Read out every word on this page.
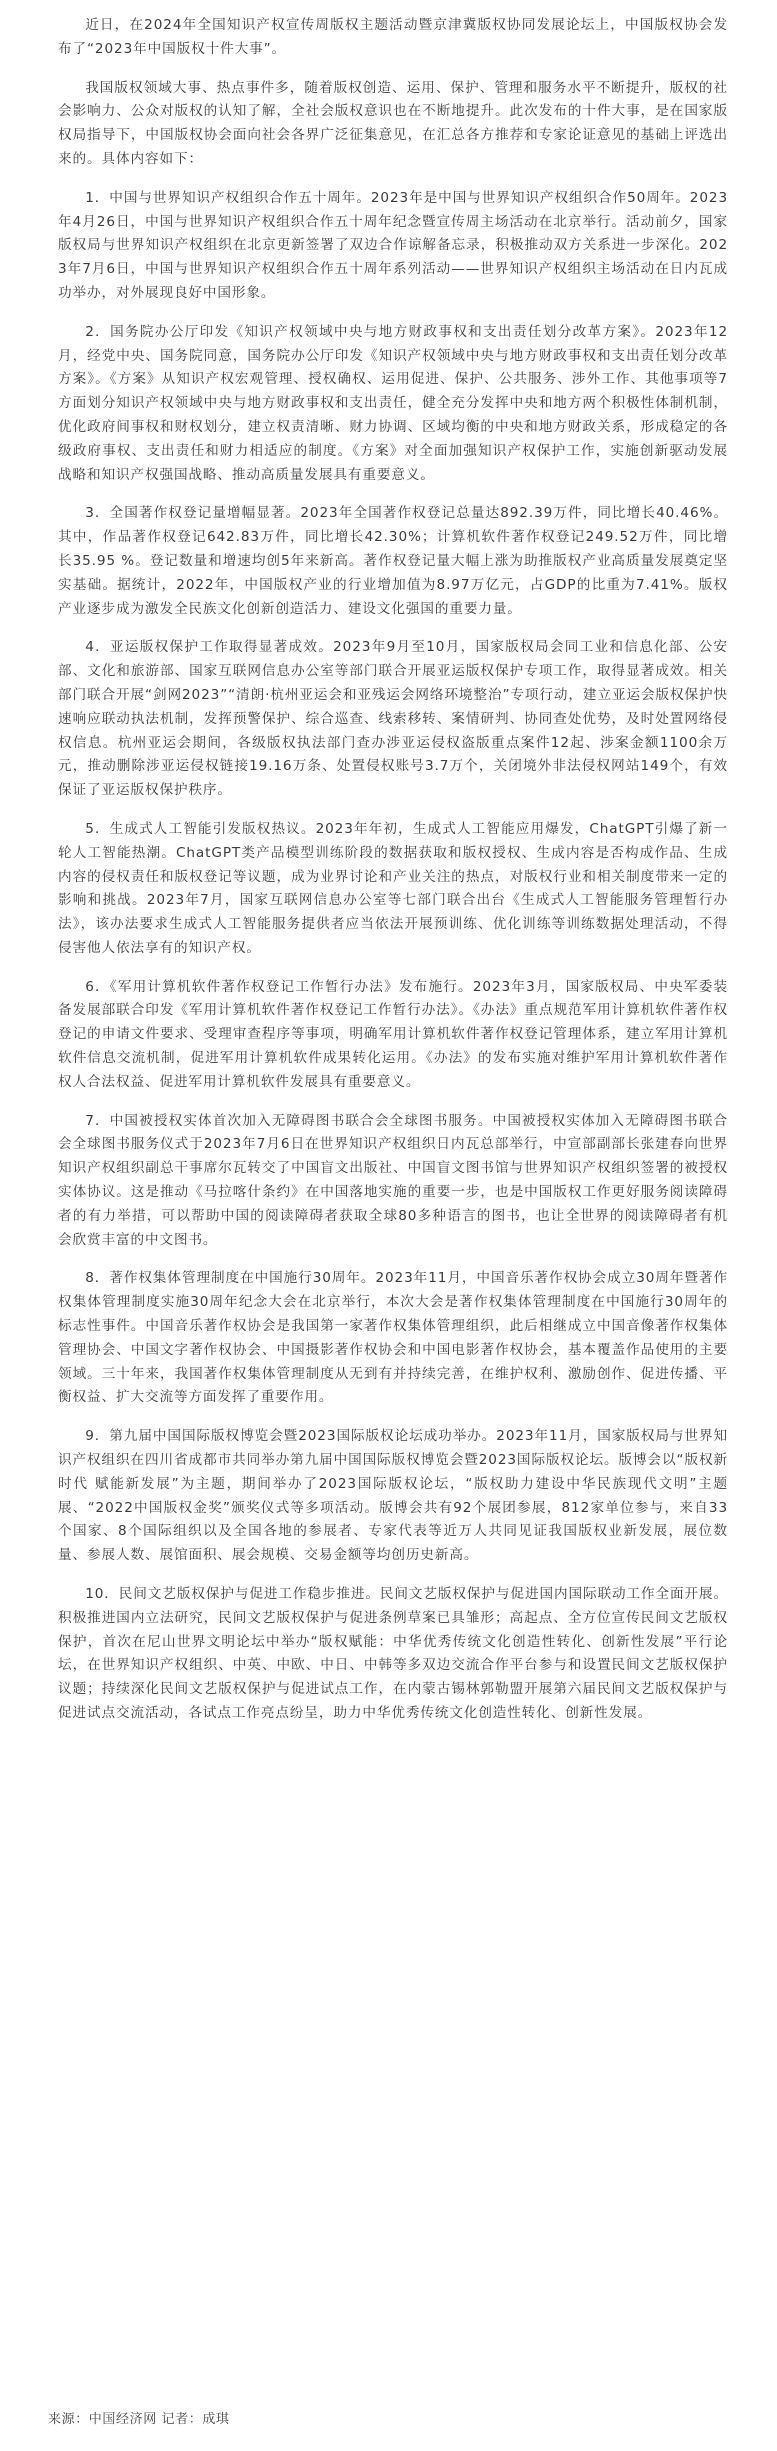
近日，在2024年全国知识产权宣传周版权主题活动暨京津冀版权协同发展论坛上，中国版权协会发布了“2023年中国版权十件大事”。

我国版权领域大事、热点事件多，随着版权创造、运用、保护、管理和服务水平不断提升，版权的社会影响力、公众对版权的认知了解，全社会版权意识也在不断地提升。此次发布的十件大事，是在国家版权局指导下，中国版权协会面向社会各界广泛征集意见，在汇总各方推荐和专家论证意见的基础上评选出来的。具体内容如下：

1．中国与世界知识产权组织合作五十周年。2023年是中国与世界知识产权组织合作50周年。2023年4月26日，中国与世界知识产权组织合作五十周年纪念暨宣传周主场活动在北京举行。活动前夕，国家版权局与世界知识产权组织在北京更新签署了双边合作谅解备忘录，积极推动双方关系进一步深化。2023年7月6日，中国与世界知识产权组织合作五十周年系列活动——世界知识产权组织主场活动在日内瓦成功举办，对外展现良好中国形象。

2．国务院办公厅印发《知识产权领域中央与地方财政事权和支出责任划分改革方案》。2023年12月，经党中央、国务院同意，国务院办公厅印发《知识产权领域中央与地方财政事权和支出责任划分改革方案》。《方案》从知识产权宏观管理、授权确权、运用促进、保护、公共服务、涉外工作、其他事项等7方面划分知识产权领域中央与地方财政事权和支出责任，健全充分发挥中央和地方两个积极性体制机制，优化政府间事权和财权划分，建立权责清晰、财力协调、区域均衡的中央和地方财政关系，形成稳定的各级政府事权、支出责任和财力相适应的制度。《方案》对全面加强知识产权保护工作，实施创新驱动发展战略和知识产权强国战略、推动高质量发展具有重要意义。

3．全国著作权登记量增幅显著。2023年全国著作权登记总量达892.39万件，同比增长40.46%。其中，作品著作权登记642.83万件，同比增长42.30%；计算机软件著作权登记249.52万件，同比增长35.95 %。登记数量和增速均创5年来新高。著作权登记量大幅上涨为助推版权产业高质量发展奠定坚实基础。据统计，2022年，中国版权产业的行业增加值为8.97万亿元，占GDP的比重为7.41%。版权产业逐步成为激发全民族文化创新创造活力、建设文化强国的重要力量。

4．亚运版权保护工作取得显著成效。2023年9月至10月，国家版权局会同工业和信息化部、公安部、文化和旅游部、国家互联网信息办公室等部门联合开展亚运版权保护专项工作，取得显著成效。相关部门联合开展“剑网2023”“清朗·杭州亚运会和亚残运会网络环境整治”专项行动，建立亚运会版权保护快速响应联动执法机制，发挥预警保护、综合巡查、线索移转、案情研判、协同查处优势，及时处置网络侵权信息。杭州亚运会期间，各级版权执法部门查办涉亚运侵权盗版重点案件12起、涉案金额1100余万元，推动删除涉亚运侵权链接19.16万条、处置侵权账号3.7万个，关闭境外非法侵权网站149个，有效保证了亚运版权保护秩序。

5．生成式人工智能引发版权热议。2023年年初，生成式人工智能应用爆发，ChatGPT引爆了新一轮人工智能热潮。ChatGPT类产品模型训练阶段的数据获取和版权授权、生成内容是否构成作品、生成内容的侵权责任和版权登记等议题，成为业界讨论和产业关注的热点，对版权行业和相关制度带来一定的影响和挑战。2023年7月，国家互联网信息办公室等七部门联合出台《生成式人工智能服务管理暂行办法》，该办法要求生成式人工智能服务提供者应当依法开展预训练、优化训练等训练数据处理活动，不得侵害他人依法享有的知识产权。

6．《军用计算机软件著作权登记工作暂行办法》发布施行。2023年3月，国家版权局、中央军委装备发展部联合印发《军用计算机软件著作权登记工作暂行办法》。《办法》重点规范军用计算机软件著作权登记的申请文件要求、受理审查程序等事项，明确军用计算机软件著作权登记管理体系，建立军用计算机软件信息交流机制，促进军用计算机软件成果转化运用。《办法》的发布实施对维护军用计算机软件著作权人合法权益、促进军用计算机软件发展具有重要意义。

7．中国被授权实体首次加入无障碍图书联合会全球图书服务。中国被授权实体加入无障碍图书联合会全球图书服务仪式于2023年7月6日在世界知识产权组织日内瓦总部举行，中宣部副部长张建春向世界知识产权组织副总干事席尔瓦转交了中国盲文出版社、中国盲文图书馆与世界知识产权组织签署的被授权实体协议。这是推动《马拉喀什条约》在中国落地实施的重要一步，也是中国版权工作更好服务阅读障碍者的有力举措，可以帮助中国的阅读障碍者获取全球80多种语言的图书，也让全世界的阅读障碍者有机会欣赏丰富的中文图书。

8．著作权集体管理制度在中国施行30周年。2023年11月，中国音乐著作权协会成立30周年暨著作权集体管理制度实施30周年纪念大会在北京举行，本次大会是著作权集体管理制度在中国施行30周年的标志性事件。中国音乐著作权协会是我国第一家著作权集体管理组织，此后相继成立中国音像著作权集体管理协会、中国文字著作权协会、中国摄影著作权协会和中国电影著作权协会，基本覆盖作品使用的主要领域。三十年来，我国著作权集体管理制度从无到有并持续完善，在维护权利、激励创作、促进传播、平衡权益、扩大交流等方面发挥了重要作用。

9．第九届中国国际版权博览会暨2023国际版权论坛成功举办。2023年11月，国家版权局与世界知识产权组织在四川省成都市共同举办第九届中国国际版权博览会暨2023国际版权论坛。版博会以“版权新时代 赋能新发展”为主题，期间举办了2023国际版权论坛，“版权助力建设中华民族现代文明”主题展、“2022中国版权金奖”颁奖仪式等多项活动。版博会共有92个展团参展，812家单位参与，来自33个国家、8个国际组织以及全国各地的参展者、专家代表等近万人共同见证我国版权业新发展，展位数量、参展人数、展馆面积、展会规模、交易金额等均创历史新高。

10．民间文艺版权保护与促进工作稳步推进。民间文艺版权保护与促进国内国际联动工作全面开展。积极推进国内立法研究，民间文艺版权保护与促进条例草案已具雏形；高起点、全方位宣传民间文艺版权保护，首次在尼山世界文明论坛中举办“版权赋能：中华优秀传统文化创造性转化、创新性发展”平行论坛，在世界知识产权组织、中英、中欧、中日、中韩等多双边交流合作平台参与和设置民间文艺版权保护议题；持续深化民间文艺版权保护与促进试点工作，在内蒙古锡林郭勒盟开展第六届民间文艺版权保护与促进试点交流活动，各试点工作亮点纷呈，助力中华优秀传统文化创造性转化、创新性发展。

来源：中国经济网 记者：成琪
